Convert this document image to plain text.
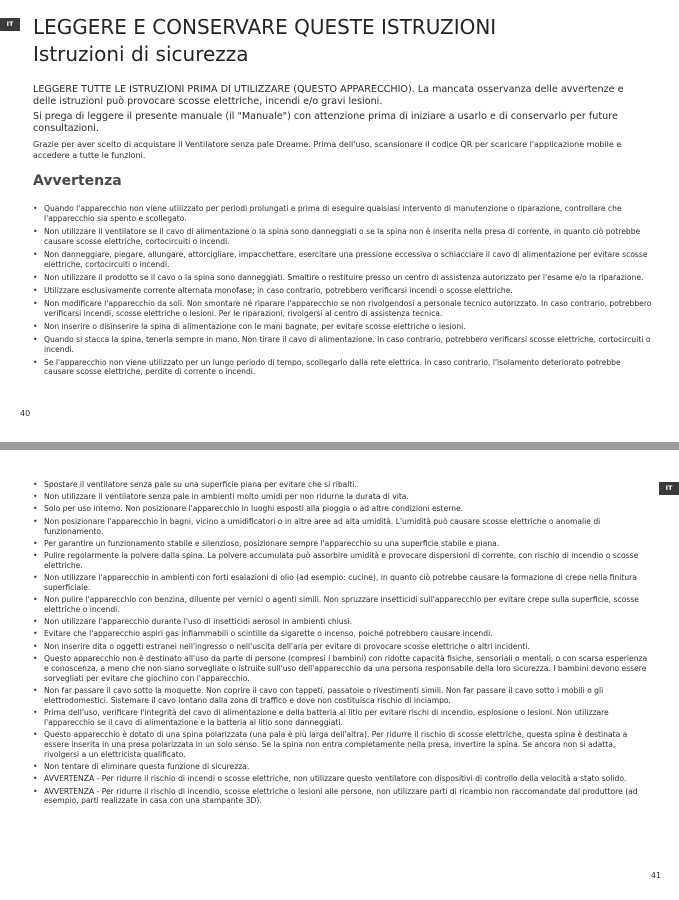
IT LEGGERE E CONSERVARE QUESTE ISTRUZIONI
Istruzioni di sicurezza

LEGGERE TUTTE LE ISTRUZIONI PRIMA DI UTILIZZARE (QUESTO APPARECCHIO). La mancata osservanza delle avvertenze e delle istruzioni può provocare scosse elettriche, incendi e/o gravi lesioni.

Si prega di leggere il presente manuale (il "Manuale") con attenzione prima di iniziare a usarlo e di conservarlo per future consultazioni.

Grazie per aver scelto di acquistare il Ventilatore senza pale Dreame. Prima dell'uso, scansionare il codice QR per scaricare l'applicazione mobile e accedere a tutte le funzioni.

Avvertenza
• Quando l'apparecchio non viene utilizzato per periodi prolungati e prima di eseguire qualsiasi intervento di manutenzione o riparazione, controllare che l'apparecchio sia spento e scollegato.
• Non utilizzare il ventilatore se il cavo di alimentazione o la spina sono danneggiati o se la spina non è inserita nella presa di corrente, in quanto ciò potrebbe causare scosse elettriche, cortocircuiti o incendi.
• Non danneggiare, piegare, allungare, attorcigliare, impacchettare, esercitare una pressione eccessiva o schiacciare il cavo di alimentazione per evitare scosse elettriche, cortocircuiti o incendi.
• Non utilizzare il prodotto se il cavo o la spina sono danneggiati. Smaltire o restituire presso un centro di assistenza autorizzato per l'esame e/o la riparazione.
• Utilizzare esclusivamente corrente alternata monofase; in caso contrario, potrebbero verificarsi incendi o scosse elettriche.
• Non modificare l'apparecchio da soli. Non smontare né riparare l'apparecchio se non rivolgendosi a personale tecnico autorizzato. In caso contrario, potrebbero verificarsi incendi, scosse elettriche o lesioni. Per le riparazioni, rivolgersi al centro di assistenza tecnica.
• Non inserire o disinserire la spina di alimentazione con le mani bagnate, per evitare scosse elettriche o lesioni.
• Quando si stacca la spina, tenerla sempre in mano. Non tirare il cavo di alimentazione. In caso contrario, potrebbero verificarsi scosse elettriche, cortocircuiti o incendi.
• Se l'apparecchio non viene utilizzato per un lungo periodo di tempo, scollegarlo dalla rete elettrica. In caso contrario, l'isolamento deteriorato potrebbe causare scosse elettriche, perdite di corrente o incendi.
40
IT
• Spostare il ventilatore senza pale su una superficie piana per evitare che si ribalti.
• Non utilizzare il ventilatore senza pale in ambienti molto umidi per non ridurne la durata di vita.
• Solo per uso interno. Non posizionare l'apparecchio in luoghi esposti alla pioggia o ad altre condizioni esterne.
• Non posizionare l'apparecchio in bagni, vicino a umidificatori o in altre aree ad alta umidità. L'umidità può causare scosse elettriche o anomalie di funzionamento.
• Per garantire un funzionamento stabile e silenzioso, posizionare sempre l'apparecchio su una superficie stabile e piana.
• Pulire regolarmente la polvere dalla spina. La polvere accumulata può assorbire umidità e provocare dispersioni di corrente, con rischio di incendio o scosse elettriche.
• Non utilizzare l'apparecchio in ambienti con forti esalazioni di olio (ad esempio: cucine), in quanto ciò potrebbe causare la formazione di crepe nella finitura superficiale.
• Non pulire l'apparecchio con benzina, diluente per vernici o agenti simili. Non spruzzare insetticidi sull'apparecchio per evitare crepe sulla superficie, scosse elettriche o incendi.
• Non utilizzare l'apparecchio durante l'uso di insetticidi aerosol in ambienti chiusi.
• Evitare che l'apparecchio aspiri gas infiammabili o scintille da sigarette o incenso, poiché potrebbero causare incendi.
• Non inserire dita o oggetti estranei nell'ingresso o nell'uscita dell'aria per evitare di provocare scosse elettriche o altri incidenti.
• Questo apparecchio non è destinato all'uso da parte di persone (compresi i bambini) con ridotte capacità fisiche, sensoriali o mentali, o con scarsa esperienza e conoscenza, a meno che non siano sorvegliate o istruite sull'uso dell'apparecchio da una persona responsabile della loro sicurezza. I bambini devono essere sorvegliati per evitare che giochino con l'apparecchio.
• Non far passare il cavo sotto la moquette. Non coprire il cavo con tappeti, passatoie o rivestimenti simili. Non far passare il cavo sotto i mobili o gli elettrodomestici. Sistemare il cavo lontano dalla zona di traffico e dove non costituisca rischio di inciampo.
• Prima dell'uso, verificare l'integrità del cavo di alimentazione e della batteria al litio per evitare rischi di incendio, esplosione o lesioni. Non utilizzare l'apparecchio se il cavo di alimentazione e la batteria al litio sono danneggiati.
• Questo apparecchio è dotato di una spina polarizzata (una pala è più larga dell'altra). Per ridurre il rischio di scosse elettriche, questa spina è destinata a essere inserita in una presa polarizzata in un solo senso. Se la spina non entra completamente nella presa, invertire la spina. Se ancora non si adatta, rivolgersi a un elettricista qualificato.
• Non tentare di eliminare questa funzione di sicurezza.
• AVVERTENZA - Per ridurre il rischio di incendi o scosse elettriche, non utilizzare questo ventilatore con dispositivi di controllo della velocità a stato solido.
• AVVERTENZA - Per ridurre il rischio di incendio, scosse elettriche o lesioni alle persone, non utilizzare parti di ricambio non raccomandate dal produttore (ad esempio, parti realizzate in casa con una stampante 3D).
41
